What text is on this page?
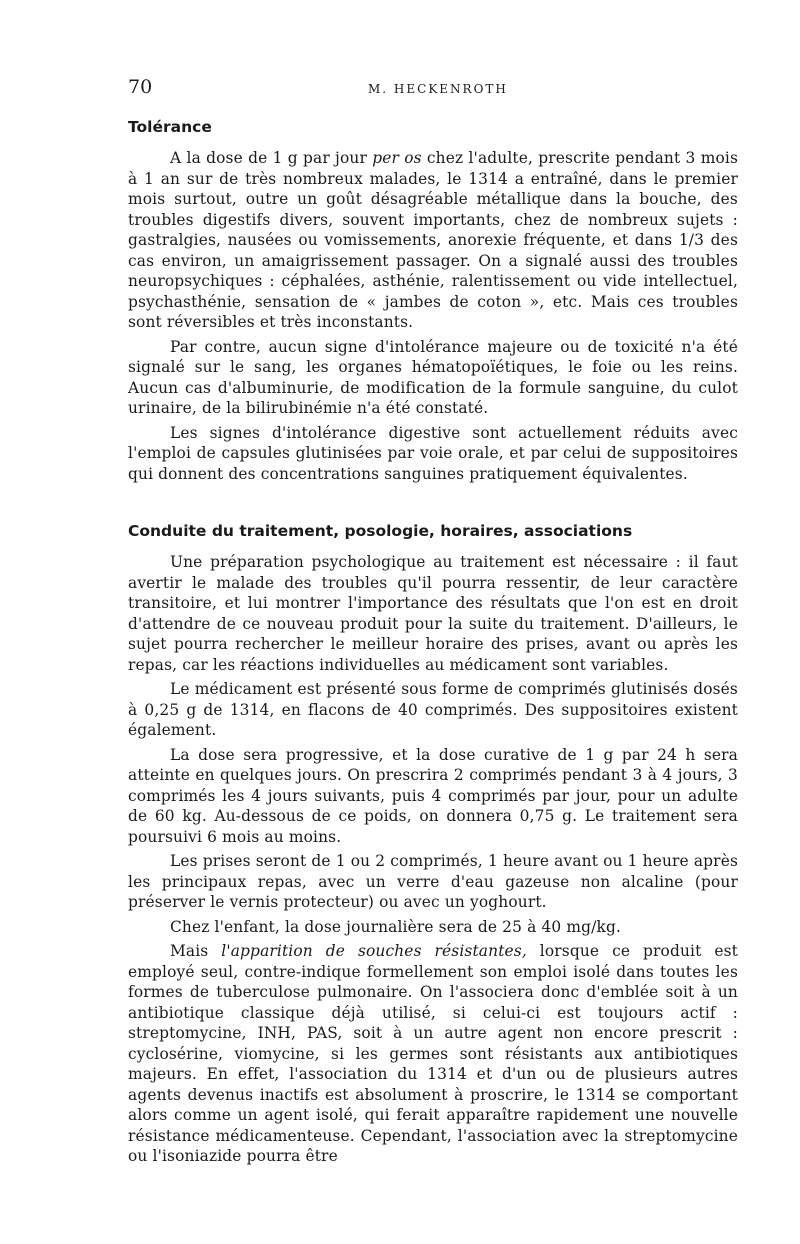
70	M. HECKENROTH
Tolérance

A la dose de 1 g par jour per os chez l'adulte, prescrite pendant 3 mois à 1 an sur de très nombreux malades, le 1314 a entraîné, dans le premier mois surtout, outre un goût désagréable métallique dans la bouche, des troubles digestifs divers, souvent importants, chez de nombreux sujets : gastralgies, nausées ou vomissements, anorexie fréquente, et dans 1/3 des cas environ, un amaigrissement passager. On a signalé aussi des troubles neuropsychiques : céphalées, asthénie, ralentissement ou vide intellectuel, psychasthénie, sensation de « jambes de coton », etc. Mais ces troubles sont réversibles et très inconstants.

Par contre, aucun signe d'intolérance majeure ou de toxicité n'a été signalé sur le sang, les organes hématopoïétiques, le foie ou les reins. Aucun cas d'albuminurie, de modification de la formule sanguine, du culot urinaire, de la bilirubinémie n'a été constaté.

Les signes d'intolérance digestive sont actuellement réduits avec l'emploi de capsules glutinisées par voie orale, et par celui de suppositoires qui donnent des concentrations sanguines pratiquement équivalentes.

Conduite du traitement, posologie, horaires, associations

Une préparation psychologique au traitement est nécessaire : il faut avertir le malade des troubles qu'il pourra ressentir, de leur caractère transitoire, et lui montrer l'importance des résultats que l'on est en droit d'attendre de ce nouveau produit pour la suite du traitement. D'ailleurs, le sujet pourra rechercher le meilleur horaire des prises, avant ou après les repas, car les réactions individuelles au médicament sont variables.

Le médicament est présenté sous forme de comprimés glutinisés dosés à 0,25 g de 1314, en flacons de 40 comprimés. Des suppositoires existent également.

La dose sera progressive, et la dose curative de 1 g par 24 h sera atteinte en quelques jours. On prescrira 2 comprimés pendant 3 à 4 jours, 3 comprimés les 4 jours suivants, puis 4 comprimés par jour, pour un adulte de 60 kg. Au-dessous de ce poids, on donnera 0,75 g. Le traitement sera poursuivi 6 mois au moins.

Les prises seront de 1 ou 2 comprimés, 1 heure avant ou 1 heure après les principaux repas, avec un verre d'eau gazeuse non alcaline (pour préserver le vernis protecteur) ou avec un yoghourt.

Chez l'enfant, la dose journalière sera de 25 à 40 mg/kg.

Mais l'apparition de souches résistantes, lorsque ce produit est employé seul, contre-indique formellement son emploi isolé dans toutes les formes de tuberculose pulmonaire. On l'associera donc d'emblée soit à un antibiotique classique déjà utilisé, si celui-ci est toujours actif : streptomycine, INH, PAS, soit à un autre agent non encore prescrit : cyclosérine, viomycine, si les germes sont résistants aux antibiotiques majeurs. En effet, l'association du 1314 et d'un ou de plusieurs autres agents devenus inactifs est absolument à proscrire, le 1314 se comportant alors comme un agent isolé, qui ferait apparaître rapidement une nouvelle résistance médicamenteuse. Cependant, l'association avec la streptomycine ou l'isoniazide pourra être
